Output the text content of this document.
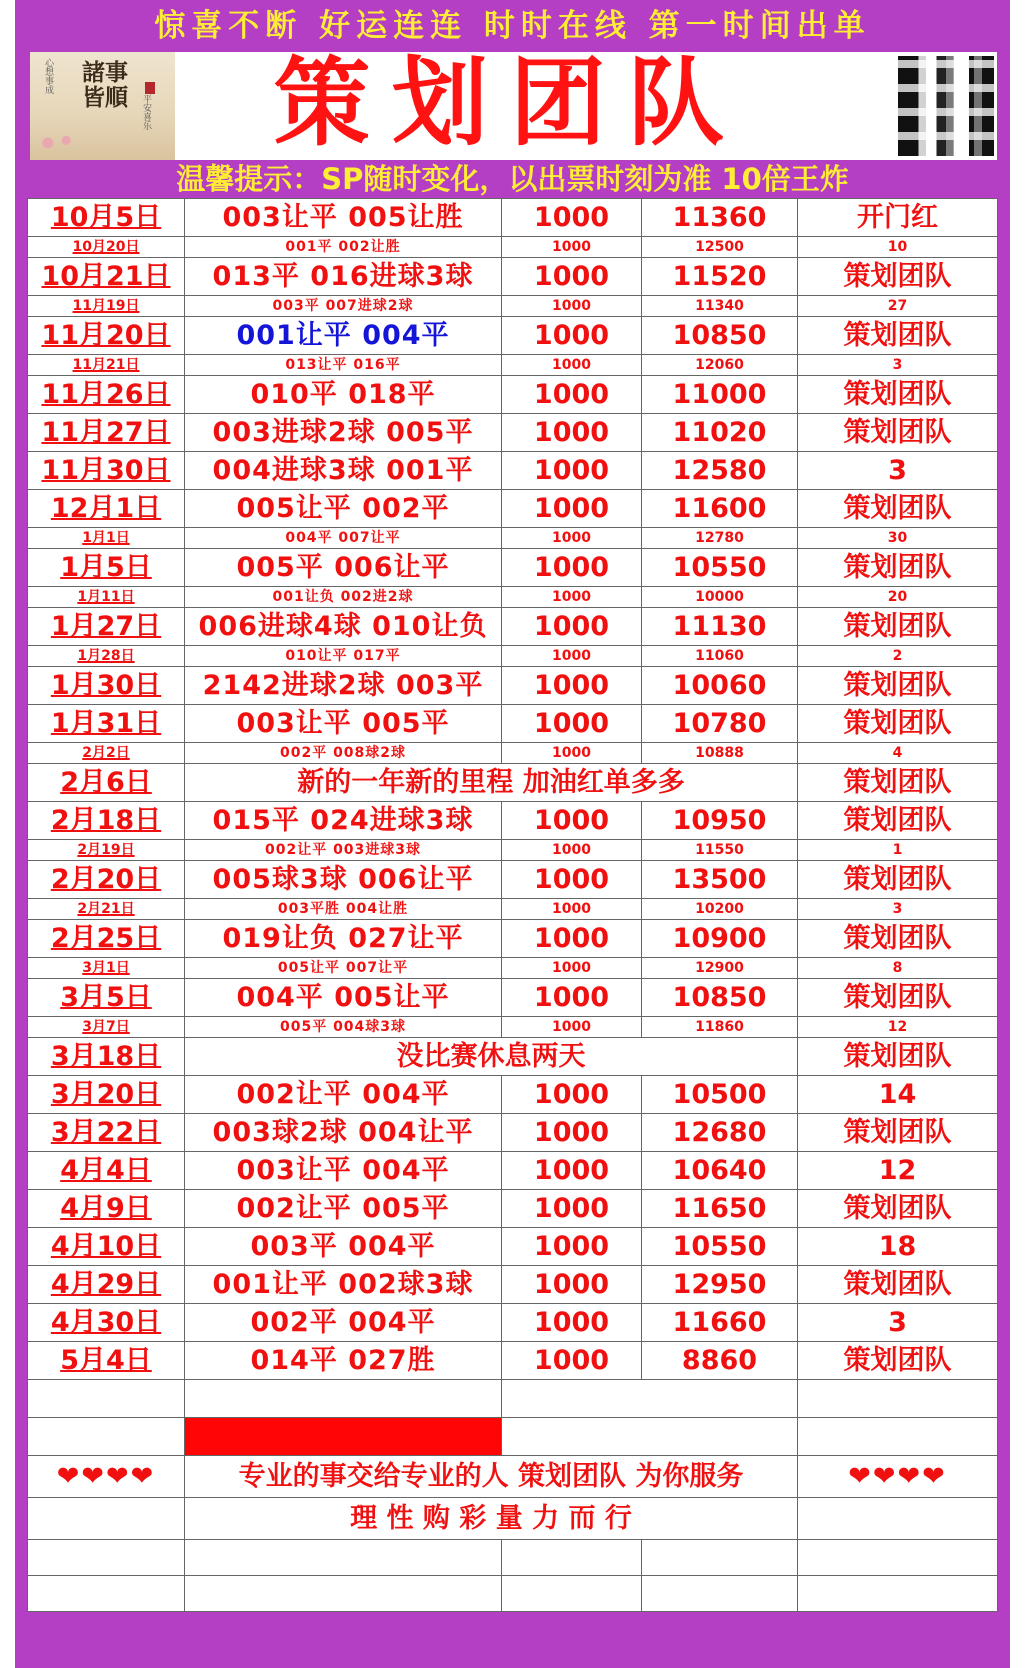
惊喜不断 好运连连 时时在线 第一时间出单
心想事成 諸事皆順 平安喜乐	策划团队
温馨提示：SP随时变化，以出票时刻为准 10倍王炸
10月5日	003让平 005让胜	1000	11360	开门红
10月20日	001平 002让胜	1000	12500	10
10月21日	013平 016进球3球	1000	11520	策划团队
11月19日	003平 007进球2球	1000	11340	27
11月20日	001让平 004平	1000	10850	策划团队
11月21日	013让平 016平	1000	12060	3
11月26日	010平 018平	1000	11000	策划团队
11月27日	003进球2球 005平	1000	11020	策划团队
11月30日	004进球3球 001平	1000	12580	3
12月1日	005让平 002平	1000	11600	策划团队
1月1日	004平 007让平	1000	12780	30
1月5日	005平 006让平	1000	10550	策划团队
1月11日	001让负 002进2球	1000	10000	20
1月27日	006进球4球 010让负	1000	11130	策划团队
1月28日	010让平 017平	1000	11060	2
1月30日	2142进球2球 003平	1000	10060	策划团队
1月31日	003让平 005平	1000	10780	策划团队
2月2日	002平 008球2球	1000	10888	4
2月6日	新的一年新的里程 加油红单多多			策划团队
2月18日	015平 024进球3球	1000	10950	策划团队
2月19日	002让平 003进球3球	1000	11550	1
2月20日	005球3球 006让平	1000	13500	策划团队
2月21日	003平胜 004让胜	1000	10200	3
2月25日	019让负 027让平	1000	10900	策划团队
3月1日	005让平 007让平	1000	12900	8
3月5日	004平 005让平	1000	10850	策划团队
3月7日	005平 004球3球	1000	11860	12
3月18日	没比赛休息两天			策划团队
3月20日	002让平 004平	1000	10500	14
3月22日	003球2球 004让平	1000	12680	策划团队
4月4日	003让平 004平	1000	10640	12
4月9日	002让平 005平	1000	11650	策划团队
4月10日	003平 004平	1000	10550	18
4月29日	001让平 002球3球	1000	12950	策划团队
4月30日	002平 004平	1000	11660	3
5月4日	014平 027胜	1000	8860	策划团队

❤❤❤❤	专业的事交给专业的人 策划团队 为你服务			❤❤❤❤
	理 性 购 彩 量 力 而 行			
